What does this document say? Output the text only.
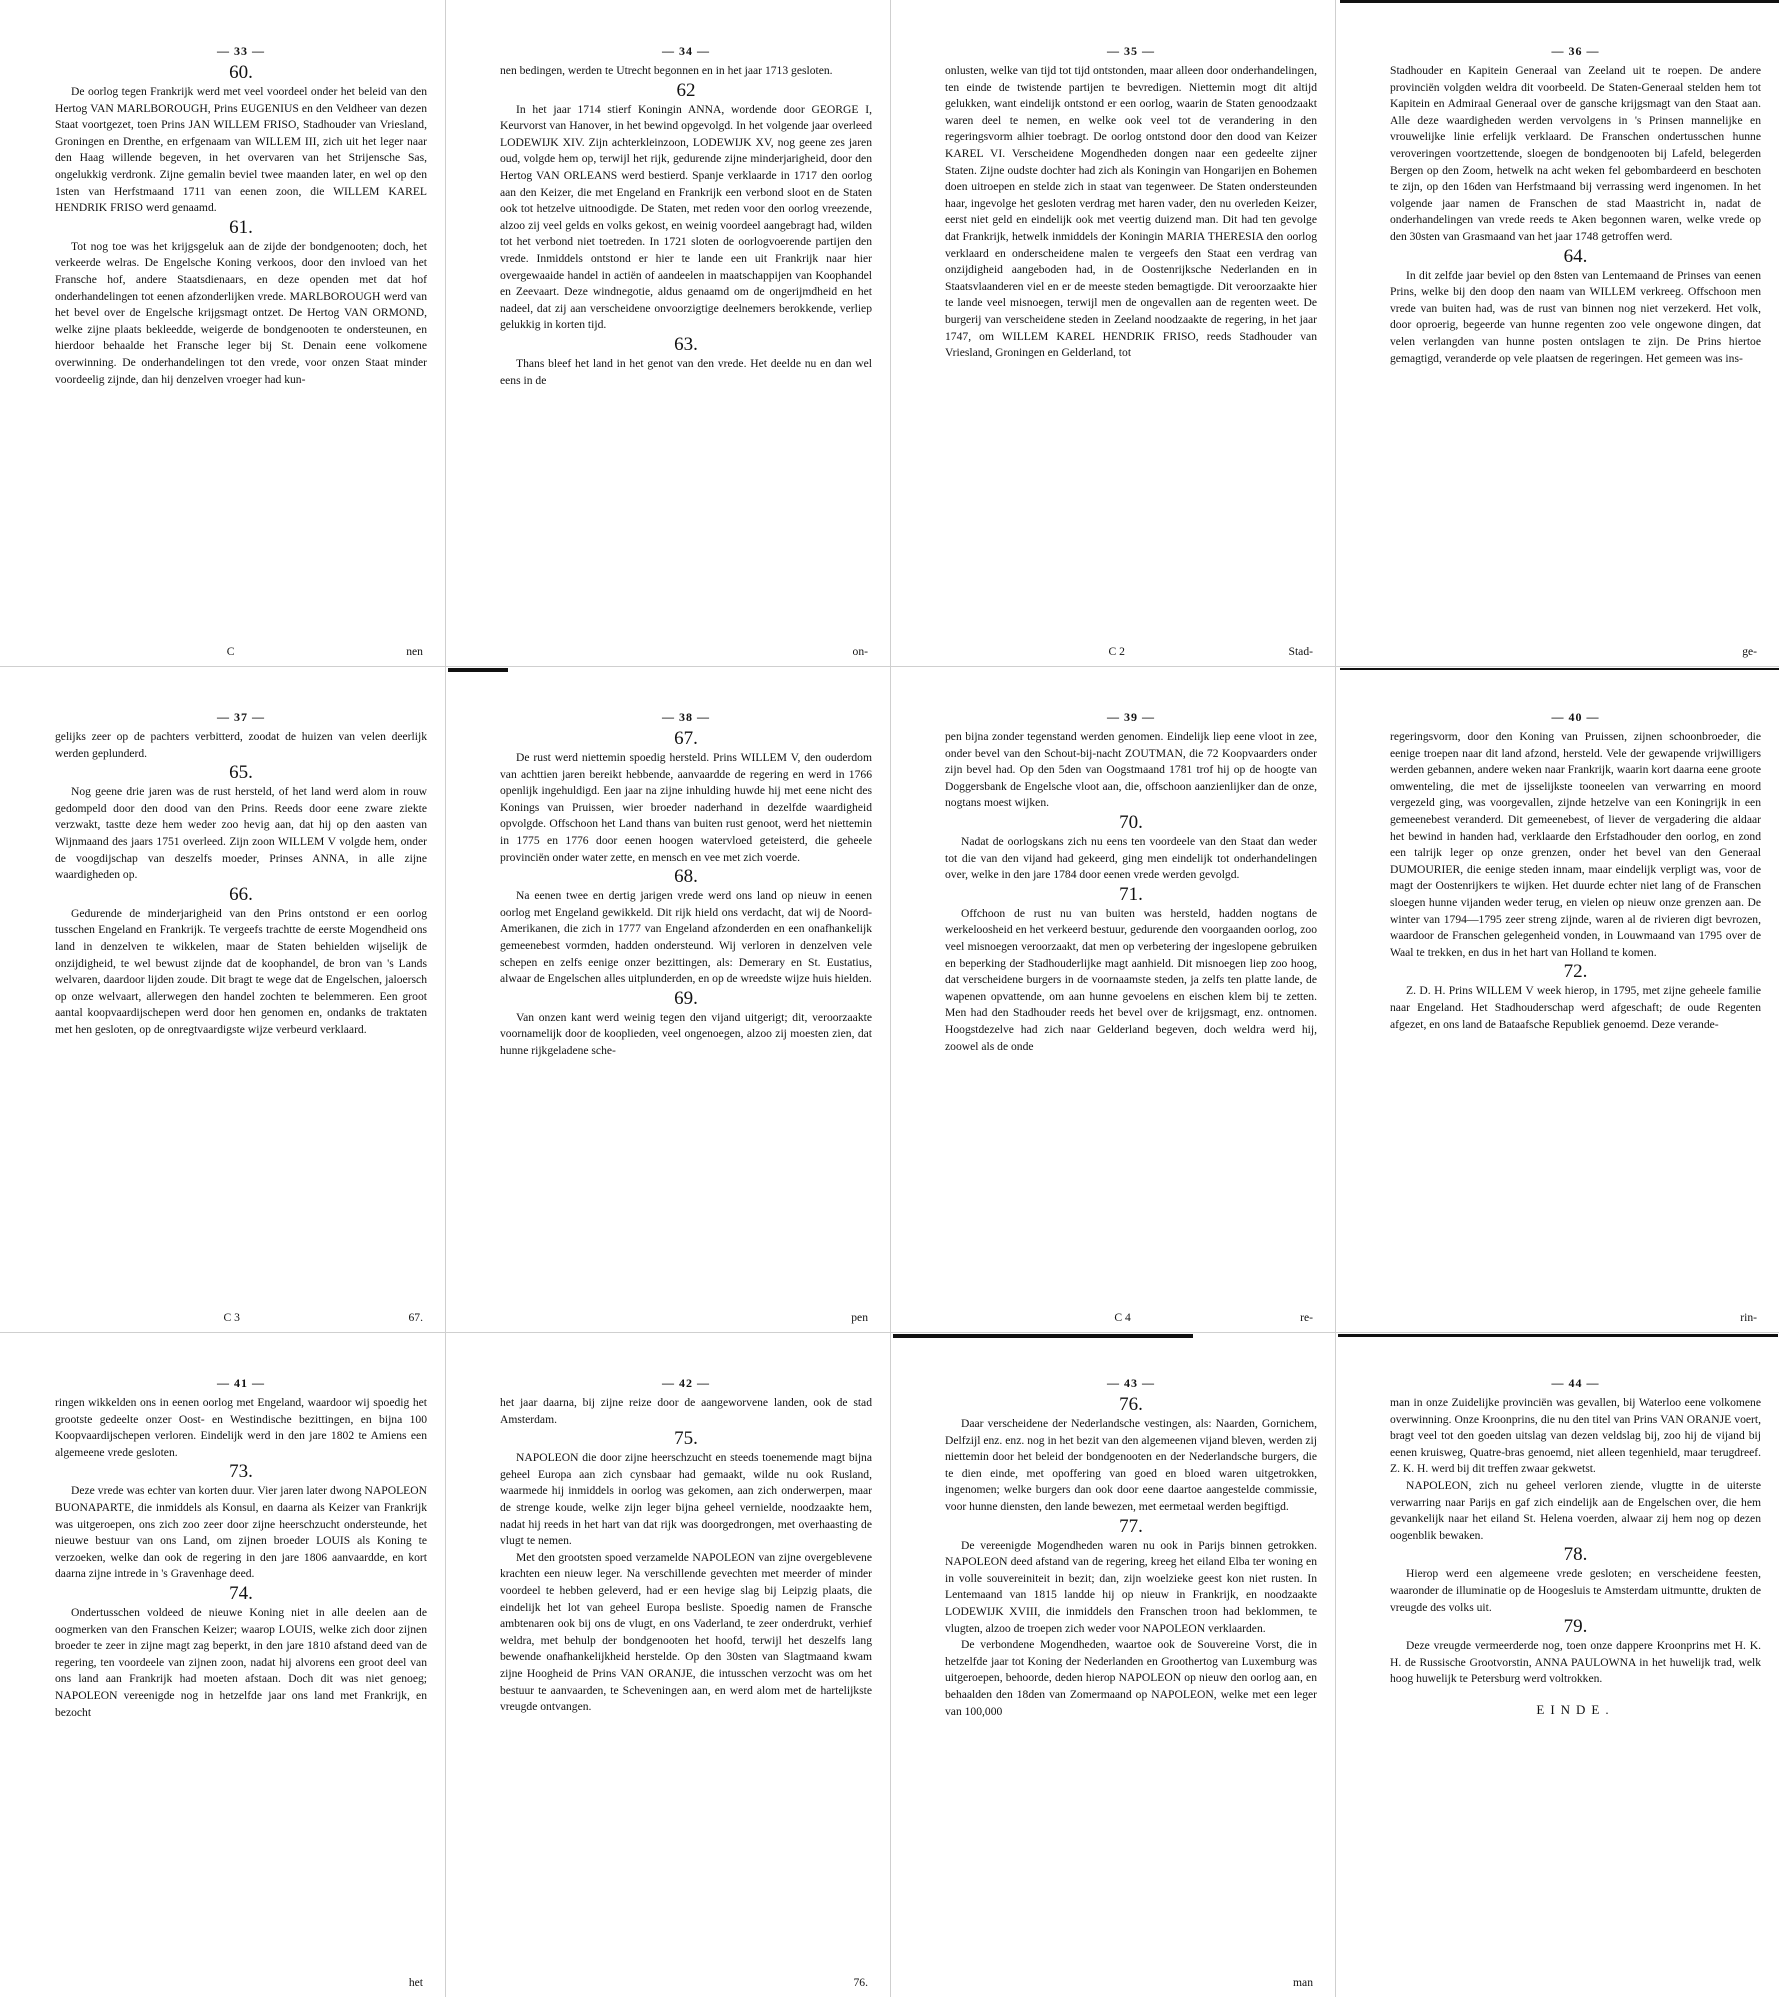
— 33 —
60.

De oorlog tegen Frankrijk werd met veel voordeel onder het beleid van den Hertog VAN MARLBOROUGH, Prins EUGENIUS en den Veldheer van dezen Staat voortgezet, toen Prins JAN WILLEM FRISO, Stadhouder van Vriesland, Groningen en Drenthe, en erfgenaam van WILLEM III, zich uit het leger naar den Haag willende begeven, in het overvaren van het Strijensche Sas, ongelukkig verdronk. Zijne gemalin beviel twee maanden later, en wel op den 1sten van Herfstmaand 1711 van eenen zoon, die WILLEM KAREL HENDRIK FRISO werd genaamd.

61.

Tot nog toe was het krijgsgeluk aan de zijde der bondgenooten; doch, het verkeerde welras. De Engelsche Koning verkoos, door den invloed van het Fransche hof, andere Staatsdienaars, en deze openden met dat hof onderhandelingen tot eenen afzonderlijken vrede. MARLBOROUGH werd van het bevel over de Engelsche krijgsmagt ontzet. De Hertog VAN ORMOND, welke zijne plaats bekleedde, weigerde de bondgenooten te ondersteunen, en hierdoor behaalde het Fransche leger bij St. Denain eene volkomene overwinning. De onderhandelingen tot den vrede, voor onzen Staat minder voordeelig zijnde, dan hij denzelven vroeger had kun-

C	nen
— 34 —

nen bedingen, werden te Utrecht begonnen en in het jaar 1713 gesloten.

62

In het jaar 1714 stierf Koningin ANNA, wordende door GEORGE I, Keurvorst van Hanover, in het bewind opgevolgd. In het volgende jaar overleed LODEWIJK XIV. Zijn achterkleinzoon, LODEWIJK XV, nog geene zes jaren oud, volgde hem op, terwijl het rijk, gedurende zijne minderjarigheid, door den Hertog VAN ORLEANS werd bestierd. Spanje verklaarde in 1717 den oorlog aan den Keizer, die met Engeland en Frankrijk een verbond sloot en de Staten ook tot hetzelve uitnoodigde. De Staten, met reden voor den oorlog vreezende, alzoo zij veel gelds en volks gekost, en weinig voordeel aangebragt had, wilden tot het verbond niet toetreden. In 1721 sloten de oorlogvoerende partijen den vrede. Inmiddels ontstond er hier te lande een uit Frankrijk naar hier overgewaaide handel in actiën of aandeelen in maatschappijen van Koophandel en Zeevaart. Deze windnegotie, aldus genaamd om de ongerijmdheid en het nadeel, dat zij aan verscheidene onvoorzigtige deelnemers berokkende, verliep gelukkig in korten tijd.

63.

Thans bleef het land in het genot van den vrede. Het deelde nu en dan wel eens in de

on-
— 35 —

onlusten, welke van tijd tot tijd ontstonden, maar alleen door onderhandelingen, ten einde de twistende partijen te bevredigen. Niettemin mogt dit altijd gelukken, want eindelijk ontstond er een oorlog, waarin de Staten genoodzaakt waren deel te nemen, en welke ook veel tot de verandering in den regeringsvorm alhier toebragt. De oorlog ontstond door den dood van Keizer KAREL VI. Verscheidene Mogendheden dongen naar een gedeelte zijner Staten. Zijne oudste dochter had zich als Koningin van Hongarijen en Bohemen doen uitroepen en stelde zich in staat van tegenweer. De Staten ondersteunden haar, ingevolge het gesloten verdrag met haren vader, den nu overleden Keizer, eerst niet geld en eindelijk ook met veertig duizend man. Dit had ten gevolge dat Frankrijk, hetwelk inmiddels der Koningin MARIA THERESIA den oorlog verklaard en onderscheidene malen te vergeefs den Staat een verdrag van onzijdigheid aangeboden had, in de Oostenrijksche Nederlanden en in Staatsvlaanderen viel en er de meeste steden bemagtigde. Dit veroorzaakte hier te lande veel misnoegen, terwijl men de ongevallen aan de regenten weet. De burgerij van verscheidene steden in Zeeland noodzaakte de regering, in het jaar 1747, om WILLEM KAREL HENDRIK FRISO, reeds Stadhouder van Vriesland, Groningen en Gelderland, tot

C 2	Stad-
— 36 —

Stadhouder en Kapitein Generaal van Zeeland uit te roepen. De andere provinciën volgden weldra dit voorbeeld. De Staten-Generaal stelden hem tot Kapitein en Admiraal Generaal over de gansche krijgsmagt van den Staat aan. Alle deze waardigheden werden vervolgens in 's Prinsen mannelijke en vrouwelijke linie erfelijk verklaard. De Franschen ondertusschen hunne veroveringen voortzettende, sloegen de bondgenooten bij Lafeld, belegerden Bergen op den Zoom, hetwelk na acht weken fel gebombardeerd en beschoten te zijn, op den 16den van Herfstmaand bij verrassing werd ingenomen. In het volgende jaar namen de Franschen de stad Maastricht in, nadat de onderhandelingen van vrede reeds te Aken begonnen waren, welke vrede op den 30sten van Grasmaand van het jaar 1748 getroffen werd.

64.

In dit zelfde jaar beviel op den 8sten van Lentemaand de Prinses van eenen Prins, welke bij den doop den naam van WILLEM verkreeg. Offschoon men vrede van buiten had, was de rust van binnen nog niet verzekerd. Het volk, door oproerig, begeerde van hunne regenten zoo vele ongewone dingen, dat velen verlangden van hunne posten ontslagen te zijn. De Prins hiertoe gemagtigd, veranderde op vele plaatsen de regeringen. Het gemeen was ins-

ge-
— 37 —

gelijks zeer op de pachters verbitterd, zoodat de huizen van velen deerlijk werden geplunderd.

65.

Nog geene drie jaren was de rust hersteld, of het land werd alom in rouw gedompeld door den dood van den Prins. Reeds door eene zware ziekte verzwakt, tastte deze hem weder zoo hevig aan, dat hij op den aasten van Wijnmaand des jaars 1751 overleed. Zijn zoon WILLEM V volgde hem, onder de voogdijschap van deszelfs moeder, Prinses ANNA, in alle zijne waardigheden op.

66.

Gedurende de minderjarigheid van den Prins ontstond er een oorlog tusschen Engeland en Frankrijk. Te vergeefs trachtte de eerste Mogendheid ons land in denzelven te wikkelen, maar de Staten behielden wijselijk de onzijdigheid, te wel bewust zijnde dat de koophandel, de bron van 's Lands welvaren, daardoor lijden zoude. Dit bragt te wege dat de Engelschen, jaloersch op onze welvaart, allerwegen den handel zochten te belemmeren. Een groot aantal koopvaardijschepen werd door hen genomen en, ondanks de traktaten met hen gesloten, op de onregtvaardigste wijze verbeurd verklaard.

C 3	67.
— 38 —
67.

De rust werd niettemin spoedig hersteld. Prins WILLEM V, den ouderdom van achttien jaren bereikt hebbende, aanvaardde de regering en werd in 1766 openlijk ingehuldigd. Een jaar na zijne inhulding huwde hij met eene nicht des Konings van Pruissen, wier broeder naderhand in dezelfde waardigheid opvolgde. Offschoon het Land thans van buiten rust genoot, werd het niettemin in 1775 en 1776 door eenen hoogen watervloed geteisterd, die geheele provinciën onder water zette, en mensch en vee met zich voerde.

68.

Na eenen twee en dertig jarigen vrede werd ons land op nieuw in eenen oorlog met Engeland gewikkeld. Dit rijk hield ons verdacht, dat wij de Noord-Amerikanen, die zich in 1777 van Engeland afzonderden en een onafhankelijk gemeenebest vormden, hadden ondersteund. Wij verloren in denzelven vele schepen en zelfs eenige onzer bezittingen, als: Demerary en St. Eustatius, alwaar de Engelschen alles uitplunderden, en op de wreedste wijze huis hielden.

69.

Van onzen kant werd weinig tegen den vijand uitgerigt; dit, veroorzaakte voornamelijk door de kooplieden, veel ongenoegen, alzoo zij moesten zien, dat hunne rijkgeladene sche-

pen
— 39 —

pen bijna zonder tegenstand werden genomen. Eindelijk liep eene vloot in zee, onder bevel van den Schout-bij-nacht ZOUTMAN, die 72 Koopvaarders onder zijn bevel had. Op den 5den van Oogstmaand 1781 trof hij op de hoogte van Doggersbank de Engelsche vloot aan, die, offschoon aanzienlijker dan de onze, nogtans moest wijken.

70.

Nadat de oorlogskans zich nu eens ten voordeele van den Staat dan weder tot die van den vijand had gekeerd, ging men eindelijk tot onderhandelingen over, welke in den jare 1784 door eenen vrede werden gevolgd.

71.

Offchoon de rust nu van buiten was hersteld, hadden nogtans de werkeloosheid en het verkeerd bestuur, gedurende den voorgaanden oorlog, zoo veel misnoegen veroorzaakt, dat men op verbetering der ingeslopene gebruiken en beperking der Stadhouderlijke magt aanhield. Dit misnoegen liep zoo hoog, dat verscheidene burgers in de voornaamste steden, ja zelfs ten platte lande, de wapenen opvattende, om aan hunne gevoelens en eischen klem bij te zetten. Men had den Stadhouder reeds het bevel over de krijgsmagt, enz. ontnomen. Hoogstdezelve had zich naar Gelderland begeven, doch weldra werd hij, zoowel als de onde

C 4	re-
— 40 —

regeringsvorm, door den Koning van Pruissen, zijnen schoonbroeder, die eenige troepen naar dit land afzond, hersteld. Vele der gewapende vrijwilligers werden gebannen, andere weken naar Frankrijk, waarin kort daarna eene groote omwenteling, die met de ijsselijkste tooneelen van verwarring en moord vergezeld ging, was voorgevallen, zijnde hetzelve van een Koningrijk in een gemeenebest veranderd. Dit gemeenebest, of liever de vergadering die aldaar het bewind in handen had, verklaarde den Erfstadhouder den oorlog, en zond een talrijk leger op onze grenzen, onder het bevel van den Generaal DUMOURIER, die eenige steden innam, maar eindelijk verpligt was, voor de magt der Oostenrijkers te wijken. Het duurde echter niet lang of de Franschen sloegen hunne vijanden weder terug, en vielen op nieuw onze grenzen aan. De winter van 1794—1795 zeer streng zijnde, waren al de rivieren digt bevrozen, waardoor de Franschen gelegenheid vonden, in Louwmaand van 1795 over de Waal te trekken, en dus in het hart van Holland te komen.

72.

Z. D. H. Prins WILLEM V week hierop, in 1795, met zijne geheele familie naar Engeland. Het Stadhouderschap werd afgeschaft; de oude Regenten afgezet, en ons land de Bataafsche Republiek genoemd. Deze verande-

rin-
— 41 —

ringen wikkelden ons in eenen oorlog met Engeland, waardoor wij spoedig het grootste gedeelte onzer Oost- en Westindische bezittingen, en bijna 100 Koopvaardijschepen verloren. Eindelijk werd in den jare 1802 te Amiens een algemeene vrede gesloten.

73.

Deze vrede was echter van korten duur. Vier jaren later dwong NAPOLEON BUONAPARTE, die inmiddels als Konsul, en daarna als Keizer van Frankrijk was uitgeroepen, ons zich zoo zeer door zijne heerschzucht ondersteunde, het nieuwe bestuur van ons Land, om zijnen broeder LOUIS als Koning te verzoeken, welke dan ook de regering in den jare 1806 aanvaardde, en kort daarna zijne intrede in 's Gravenhage deed.

74.

Ondertusschen voldeed de nieuwe Koning niet in alle deelen aan de oogmerken van den Franschen Keizer; waarop LOUIS, welke zich door zijnen broeder te zeer in zijne magt zag beperkt, in den jare 1810 afstand deed van de regering, ten voordeele van zijnen zoon, nadat hij alvorens een groot deel van ons land aan Frankrijk had moeten afstaan. Doch dit was niet genoeg; NAPOLEON vereenigde nog in hetzelfde jaar ons land met Frankrijk, en bezocht

het
— 42 —

het jaar daarna, bij zijne reize door de aangeworvene landen, ook de stad Amsterdam.

75.

NAPOLEON die door zijne heerschzucht en steeds toenemende magt bijna geheel Europa aan zich cynsbaar had gemaakt, wilde nu ook Rusland, waarmede hij inmiddels in oorlog was gekomen, aan zich onderwerpen, maar de strenge koude, welke zijn leger bijna geheel vernielde, noodzaakte hem, nadat hij reeds in het hart van dat rijk was doorgedrongen, met overhaasting de vlugt te nemen.

Met den grootsten spoed verzamelde NAPOLEON van zijne overgeblevene krachten een nieuw leger. Na verschillende gevechten met meerder of minder voordeel te hebben geleverd, had er een hevige slag bij Leipzig plaats, die eindelijk het lot van geheel Europa besliste. Spoedig namen de Fransche ambtenaren ook bij ons de vlugt, en ons Vaderland, te zeer onderdrukt, verhief weldra, met behulp der bondgenooten het hoofd, terwijl het deszelfs lang bewende onafhankelijkheid herstelde. Op den 30sten van Slagtmaand kwam zijne Hoogheid de Prins VAN ORANJE, die intusschen verzocht was om het bestuur te aanvaarden, te Scheveningen aan, en werd alom met de hartelijkste vreugde ontvangen.

76.
— 43 —
76.

Daar verscheidene der Nederlandsche vestingen, als: Naarden, Gornichem, Delfzijl enz. enz. nog in het bezit van den algemeenen vijand bleven, werden zij niettemin door het beleid der bondgenooten en der Nederlandsche burgers, die te dien einde, met opoffering van goed en bloed waren uitgetrokken, ingenomen; welke burgers dan ook door eene daartoe aangestelde commissie, voor hunne diensten, den lande bewezen, met eermetaal werden begiftigd.

77.

De vereenigde Mogendheden waren nu ook in Parijs binnen getrokken. NAPOLEON deed afstand van de regering, kreeg het eiland Elba ter woning en in volle souvereiniteit in bezit; dan, zijn woelzieke geest kon niet rusten. In Lentemaand van 1815 landde hij op nieuw in Frankrijk, en noodzaakte LODEWIJK XVIII, die inmiddels den Franschen troon had beklommen, te vlugten, alzoo de troepen zich weder voor NAPOLEON verklaarden.

De verbondene Mogendheden, waartoe ook de Souvereine Vorst, die in hetzelfde jaar tot Koning der Nederlanden en Groothertog van Luxemburg was uitgeroepen, behoorde, deden hierop NAPOLEON op nieuw den oorlog aan, en behaalden den 18den van Zomermaand op NAPOLEON, welke met een leger van 100,000

man
— 44 —

man in onze Zuidelijke provinciën was gevallen, bij Waterloo eene volkomene overwinning. Onze Kroonprins, die nu den titel van Prins VAN ORANJE voert, bragt veel tot den goeden uitslag van dezen veldslag bij, zoo hij de vijand bij eenen kruisweg, Quatre-bras genoemd, niet alleen tegenhield, maar terugdreef. Z. K. H. werd bij dit treffen zwaar gekwetst.

NAPOLEON, zich nu geheel verloren ziende, vlugtte in de uiterste verwarring naar Parijs en gaf zich eindelijk aan de Engelschen over, die hem gevankelijk naar het eiland St. Helena voerden, alwaar zij hem nog op dezen oogenblik bewaken.

78.

Hierop werd een algemeene vrede gesloten; en verscheidene feesten, waaronder de illuminatie op de Hoogesluis te Amsterdam uitmuntte, drukten de vreugde des volks uit.

79.

Deze vreugde vermeerderde nog, toen onze dappere Kroonprins met H. K. H. de Russische Grootvorstin, ANNA PAULOWNA in het huwelijk trad, welk hoog huwelijk te Petersburg werd voltrokken.

EINDE.
